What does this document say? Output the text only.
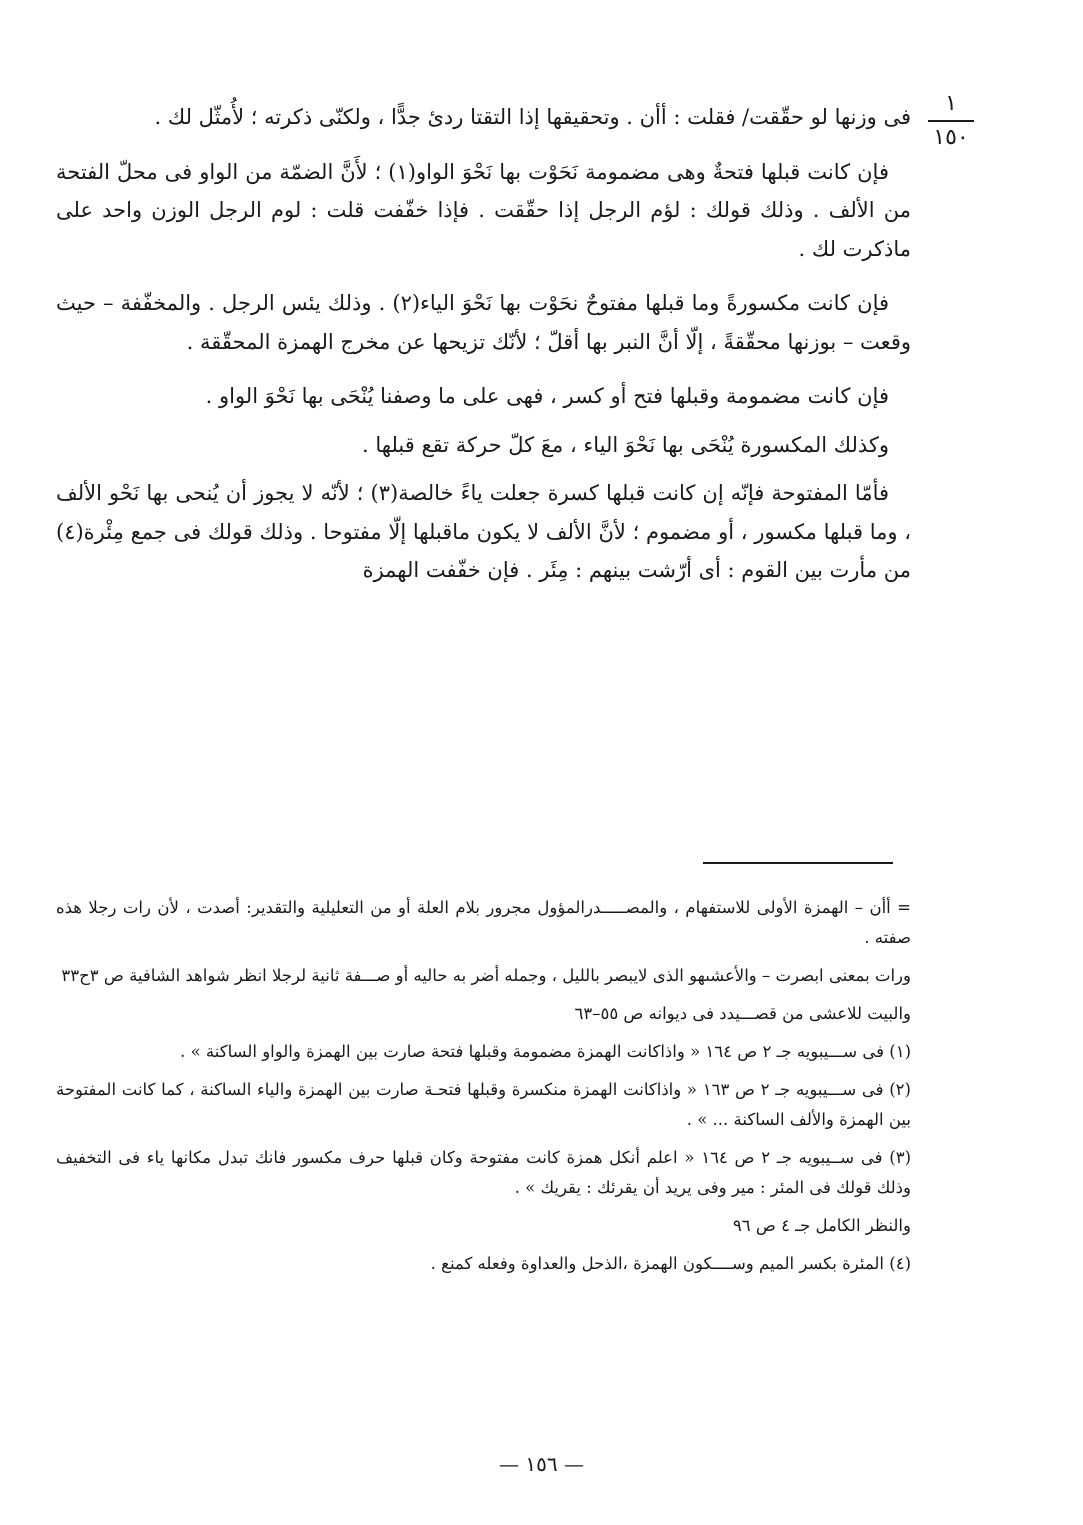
١
١٥٠

فى وزنها لو حقّقت/ فقلت : أأن . وتحقيقها إذا التقتا ردئ جدًّا ، ولكنّى ذكرته ؛ لأُمثّل لك .

فإن كانت قبلها فتحةٌ وهى مضمومة نَحَوْت بها نَحْوَ الواو(١) ؛ لأَنَّ الضمّة من الواو فى محلّ الفتحة من الألف . وذلك قولك : لؤم الرجل إذا حقّقت . فإذا خفّفت قلت : لوم الرجل الوزن واحد على ماذكرت لك .

فإن كانت مكسورةً وما قبلها مفتوحٌ نحَوْت بها نَحْوَ الياء(٢) . وذلك يئس الرجل . والمخفّفة – حيث وقعت – بوزنها محقّقةً ، إلّا أنَّ النبر بها أقلّ ؛ لأنّك تزيحها عن مخرج الهمزة المحقّقة .

فإن كانت مضمومة وقبلها فتح أو كسر ، فهى على ما وصفنا يُنْحَى بها نَحْوَ الواو .

وكذلك المكسورة يُنْحَى بها نَحْوَ الياء ، معَ كلّ حركة تقع قبلها .

فأمّا المفتوحة فإنّه إن كانت قبلها كسرة جعلت ياءً خالصة(٣) ؛ لأنّه لا يجوز أن يُنحى بها نَحْو الألف ، وما قبلها مكسور ، أو مضموم ؛ لأنَّ الألف لا يكون ماقبلها إلّا مفتوحا . وذلك قولك فى جمع مِئْرة(٤) من مأرت بين القوم : أى أرّشت بينهم : مِئَر . فإن خفّفت الهمزة

= أأن – الهمزة الأولى للاستفهام ، والمصـــــدرالمؤول مجرور بلام العلة أو من التعليلية والتقدير: أصدت ، لأن رات رجلا هذه صفته .

ورات بمعنى ابصرت – والأعشىهو الذى لايبصر بالليل ، وجمله أضر به حاليه أو صـــفة ثانية لرجلا انظر شواهد الشافية ص ٣ح٣٣

والبيت للاعشى من قصـــيدد فى ديوانه ص ٥٥–٦٣

(١) فى ســـيبويه جـ ٢ ص ١٦٤ « واذاكانت الهمزة مضمومة وقبلها فتحة صارت بين الهمزة والواو الساكنة » .

(٢) فى ســـيبويه جـ ٢ ص ١٦٣ « واذاكانت الهمزة منكسرة وقبلها فتحـة صارت بين الهمزة والياء الساكنة ، كما كانت المفتوحة بين الهمزة والألف الساكنة ... » .

(٣) فى ســيبويه جـ ٢ ص ١٦٤ « اعلم أنكل همزة كانت مفتوحة وكان قبلها حرف مكسور فانك تبدل مكانها ياء فى التخفيف وذلك قولك فى المئر : مير وفى يريد أن يقرئك : يقريك » .

والنظر الكامل جـ ٤ ص ٩٦

(٤) المئرة بكسر الميم وســــكون الهمزة ،الذحل والعداوة وفعله كمنع .

— ١٥٦ —
